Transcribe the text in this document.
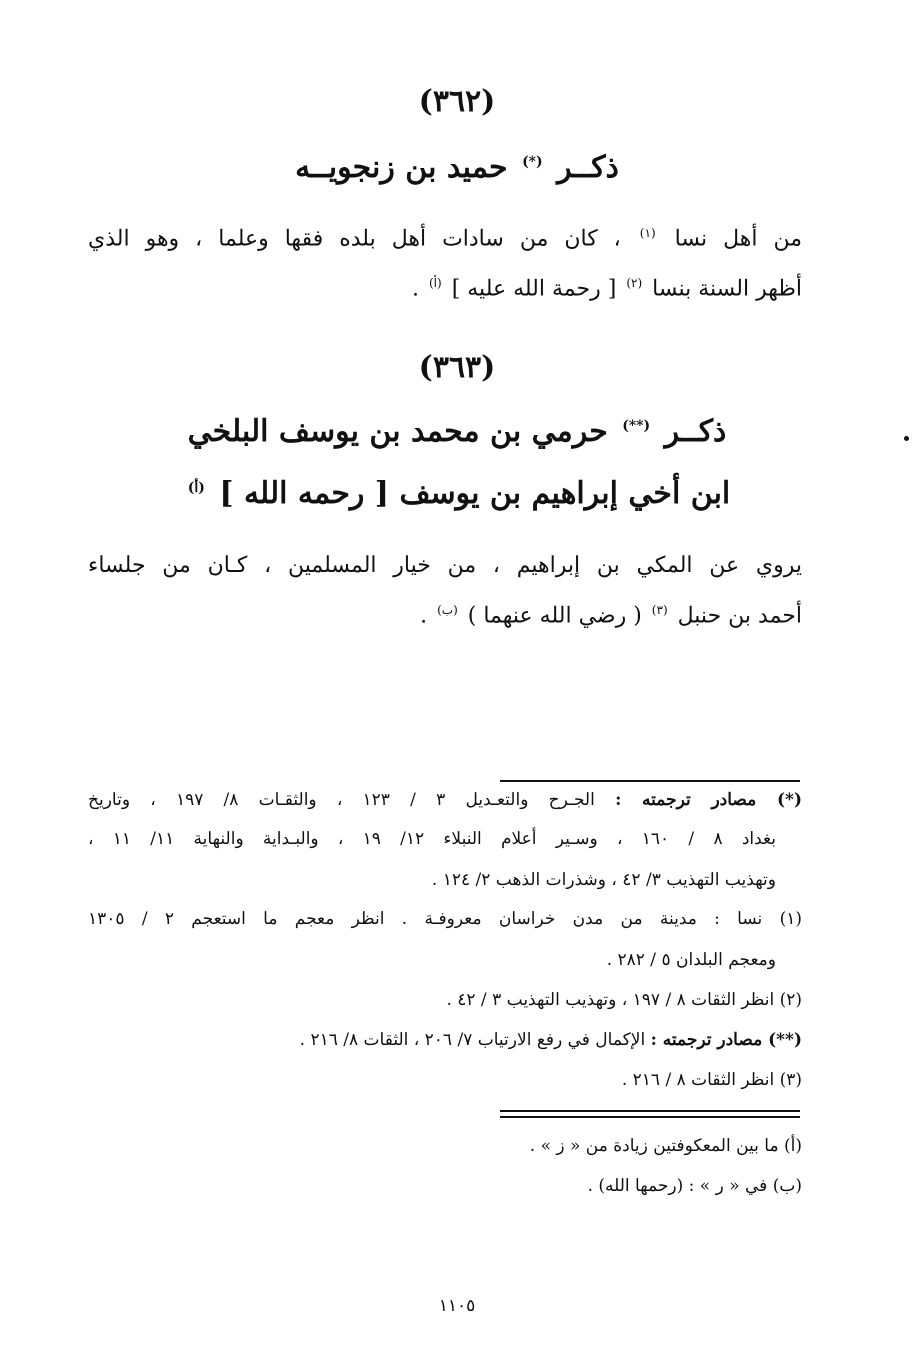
(٣٦٢)
ذكــر (*) حميد بن زنجويــه
من أهل نسا $^{(١)}$ ، كان من سادات أهل بلده فقها وعلما ، وهو الذي
أظهر السنة بنسا $^{(٢)}$ [ رحمة الله عليه ] $^{(أ)}$ .
(٣٦٣)
ذكــر (**) حرمي بن محمد بن يوسف البلخي
ابن أخي إبراهيم بن يوسف [ رحمه الله ] $^{(أ)}$
يروي عن المكي بن إبراهيم ، من خيار المسلمين ، كـان من جلساء
أحمد بن حنبل $^{(٣)}$ ( رضي الله عنهما ) $^{(ب)}$ .
(*) مصادر ترجمته : الجـرح والتعـديل ٣ / ١٢٣ ، والثقـات ٨/ ١٩٧ ، وتاريخ
بغداد ٨ / ١٦٠ ، وسـير أعلام النبلاء ١٢/ ١٩ ، والبـداية والنهاية ١١/ ١١ ،
وتهذيب التهذيب ٣/ ٤٢ ، وشذرات الذهب ٢/ ١٢٤ .
(١) نسا : مدينة من مدن خراسان معروفـة . انظر معجم ما استعجم ٢ / ١٣٠٥
ومعجم البلدان ٥ / ٢٨٢ .
(٢) انظر الثقات ٨ / ١٩٧ ، وتهذيب التهذيب ٣ / ٤٢ .
(**) مصادر ترجمته : الإكمال في رفع الارتياب ٧/ ٢٠٦ ، الثقات ٨/ ٢١٦ .
(٣) انظر الثقات ٨ / ٢١٦ .
(أ) ما بين المعكوفتين زيادة من « ز » .
(ب) في « ر » : (رحمها الله) .
١١٠٥
